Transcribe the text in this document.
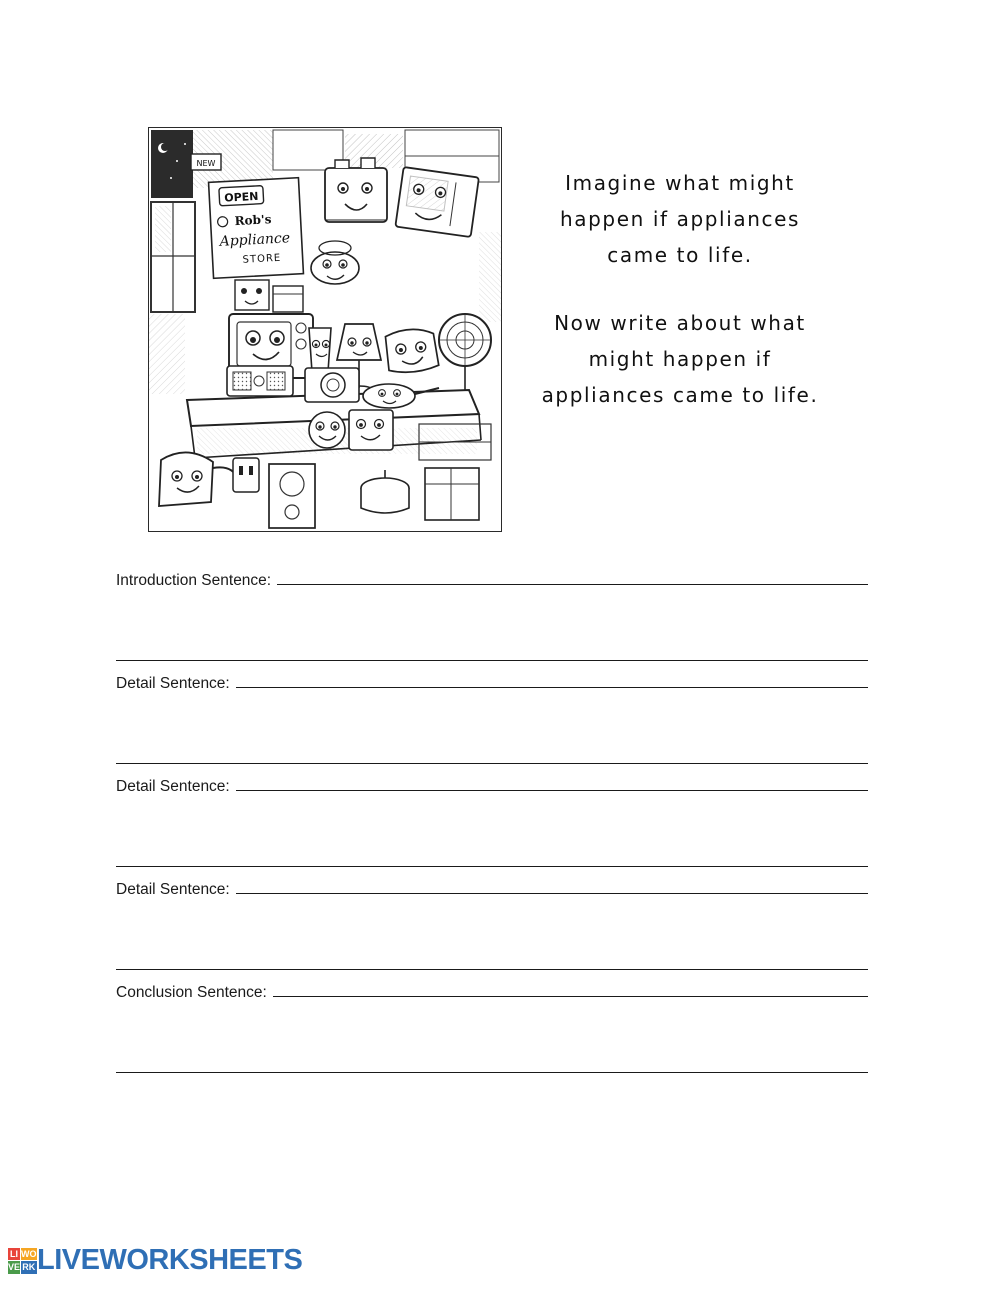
NEW
OPEN
Rob's
Appliance
STORE
Imagine what might happen if appliances came to life.
Now write about what might happen if appliances came to life.
Introduction Sentence:
Detail Sentence:
Detail Sentence:
Detail Sentence:
Conclusion Sentence:
LI WO
VE RK LIVEWORKSHEETS
